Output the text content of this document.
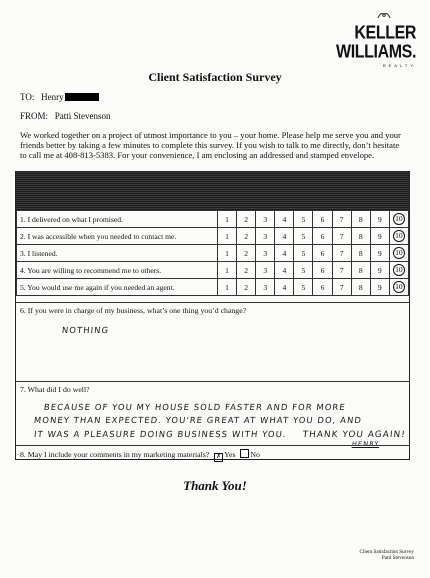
KELLER
WILLIAMS.
REALTY
Client Satisfaction Survey
TO: Henry
FROM: Patti Stevenson
We worked together on a project of utmost importance to you – your home. Please help me serve you and your friends better by taking a few minutes to complete this survey. If you wish to talk to me directly, don’t hesitate to call me at 408-813-5383. For your convenience, I am enclosing an addressed and stamped envelope.
1. I delivered on what I promised.	1	2	3	4	5	6	7	8	9	10
2. I was accessible when you needed to contact me.	1	2	3	4	5	6	7	8	9	10
3. I listened.	1	2	3	4	5	6	7	8	9	10
4. You are willing to recommend me to others.	1	2	3	4	5	6	7	8	9	10
5. You would use me again if you needed an agent.	1	2	3	4	5	6	7	8	9	10
6. If you were in charge of my business, what’s one thing you’d change?
NOTHING
7. What did I do well?
BECAUSE OF YOU MY HOUSE SOLD FASTER AND FOR MORE
MONEY THAN EXPECTED. YOU'RE GREAT AT WHAT YOU DO, AND
IT WAS A PLEASURE DOING BUSINESS WITH YOU. THANK YOU AGAIN!
HENRY
8. May I include your comments in my marketing materials? ✗ Yes No
Thank You!
Client Satisfaction Survey
Patti Stevenson
